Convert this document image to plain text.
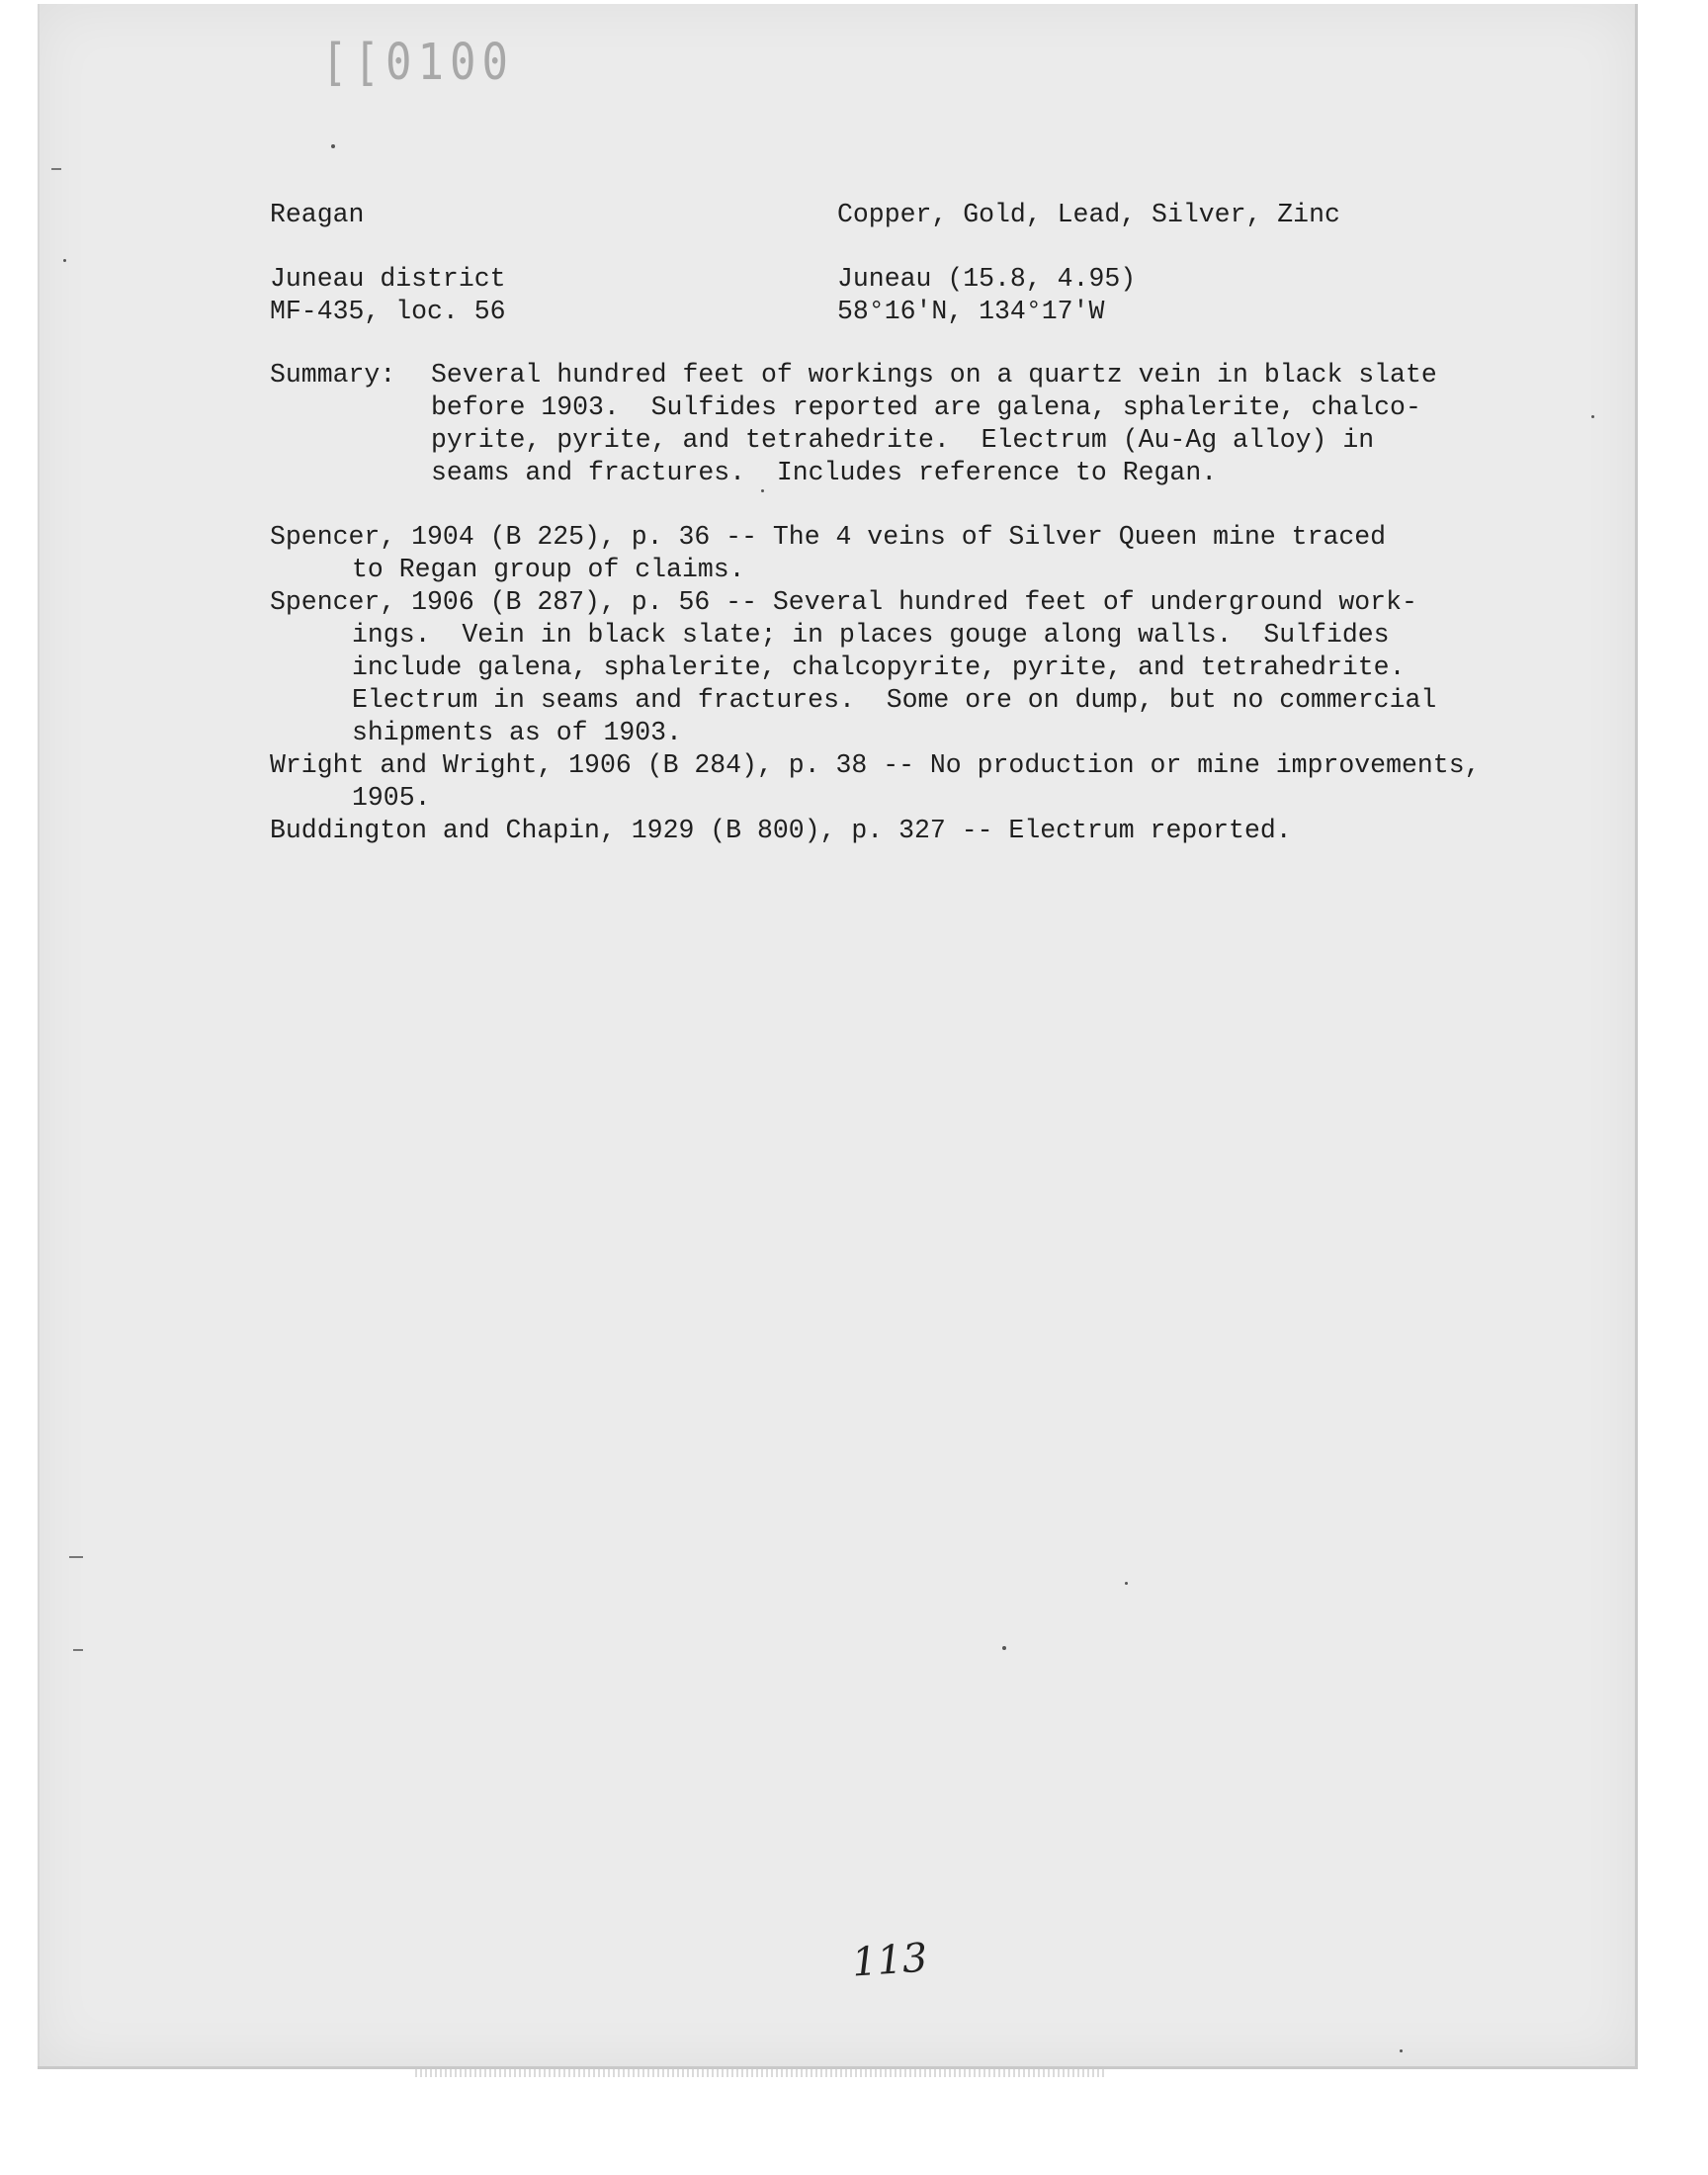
[[0100
Reagan	Copper, Gold, Lead, Silver, Zinc
Juneau district	Juneau (15.8, 4.95)
MF-435, loc. 56	58°16'N, 134°17'W
Summary: Several hundred feet of workings on a quartz vein in black slate
before 1903.  Sulfides reported are galena, sphalerite, chalco-
pyrite, pyrite, and tetrahedrite.  Electrum (Au-Ag alloy) in
seams and fractures.  Includes reference to Regan.
Spencer, 1904 (B 225), p. 36 -- The 4 veins of Silver Queen mine traced
to Regan group of claims.
Spencer, 1906 (B 287), p. 56 -- Several hundred feet of underground work-
ings.  Vein in black slate; in places gouge along walls.  Sulfides
include galena, sphalerite, chalcopyrite, pyrite, and tetrahedrite.
Electrum in seams and fractures.  Some ore on dump, but no commercial
shipments as of 1903.
Wright and Wright, 1906 (B 284), p. 38 -- No production or mine improvements,
1905.
Buddington and Chapin, 1929 (B 800), p. 327 -- Electrum reported.
113
